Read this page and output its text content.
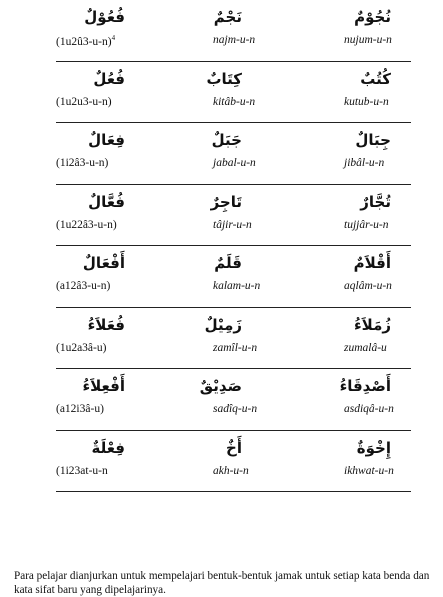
فُعُوْلٌ
(1u2û3-u-n)$^4$
نَجْمٌ
najm-u-n
نُجُوْمٌ
nujum-u-n
فُعُلٌ
(1u2u3-u-n)
كِتَابٌ
kitâb-u-n
كُتُبٌ
kutub-u-n
فِعَالٌ
(1i2â3-u-n)
جَبَلٌ
jabal-u-n
جِبَالٌ
jibâl-u-n
فُعَّالٌ
(1u22â3-u-n)
تَاجِرٌ
tâjir-u-n
تُجَّارٌ
tujjâr-u-n
أَفْعَالٌ
(a12â3-u-n)
قَلَمٌ
kalam-u-n
أَقْلاَمٌ
aqlâm-u-n
فُعَلاَءُ
(1u2a3â-u)
زَمِيْلٌ
zamîl-u-n
زُمَلاَءُ
zumalâ-u
أَفْعِلاَءُ
(a12i3â-u)
صَدِيْقٌ
sadîq-u-n
أَصْدِقَاءُ
asdiqâ-u-n
فِعْلَةٌ
(1i23at-u-n
أَخٌ
akh-u-n
إِخْوَةٌ
ikhwat-u-n

Para pelajar dianjurkan untuk mempelajari bentuk-bentuk jamak untuk setiap kata benda dan kata sifat baru yang dipelajarinya.
